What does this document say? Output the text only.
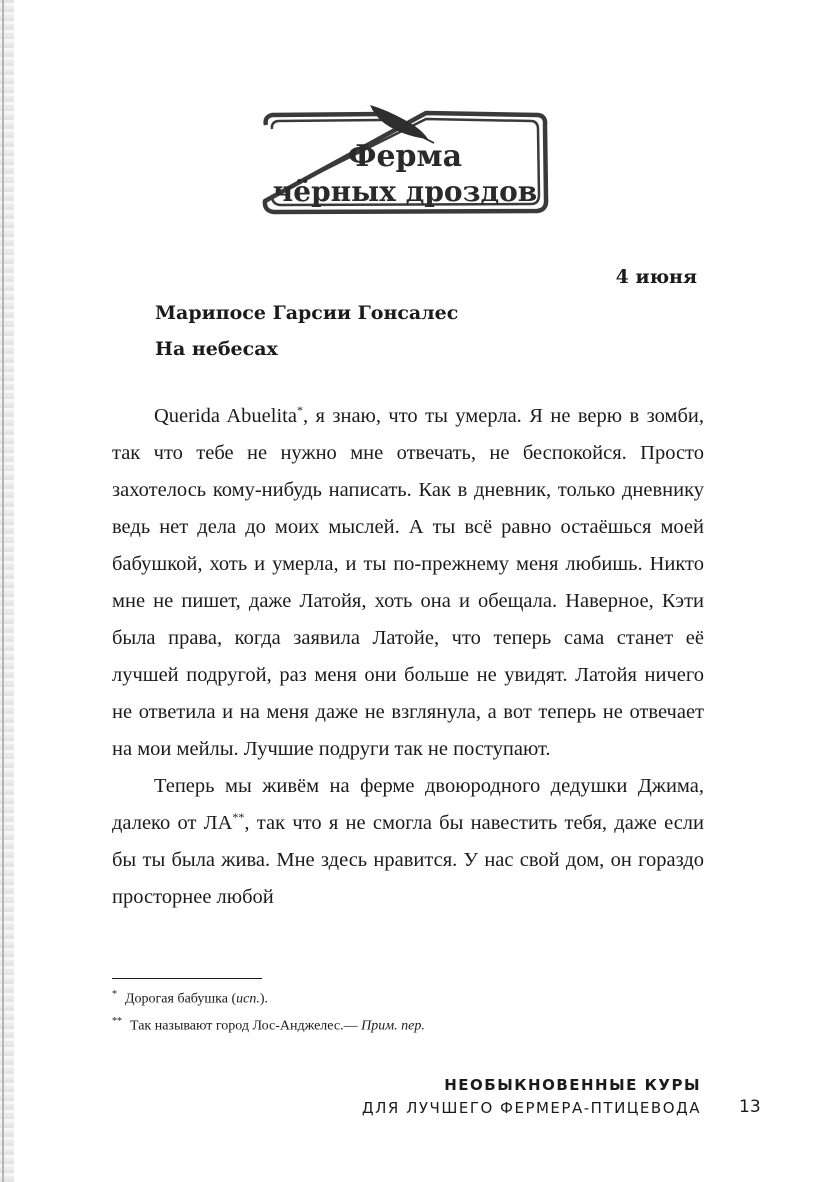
Ферма
чёрных дроздов
4 июня
Марипосе Гарсии Гонсалес
На небесах

Querida Abuelita*, я знаю, что ты умерла. Я не верю в зомби, так что тебе не нужно мне отвечать, не беспокойся. Просто захотелось кому-нибудь написать. Как в дневник, только дневнику ведь нет дела до моих мыслей. А ты всё равно остаёшься моей бабушкой, хоть и умерла, и ты по-прежнему меня любишь. Никто мне не пишет, даже Латойя, хоть она и обещала. Наверное, Кэти была права, когда заявила Латойе, что теперь сама станет её лучшей подругой, раз меня они больше не увидят. Латойя ничего не ответила и на меня даже не взглянула, а вот теперь не отвечает на мои мейлы. Лучшие подруги так не поступают.

Теперь мы живём на ферме двоюродного дедушки Джима, далеко от ЛА**, так что я не смогла бы навестить тебя, даже если бы ты была жива. Мне здесь нравится. У нас свой дом, он гораздо просторнее любой

* Дорогая бабушка (исп.).
** Так называют город Лос-Анджелес.— Прим. пер.
НЕОБЫКНОВЕННЫЕ КУРЫ
ДЛЯ ЛУЧШЕГО ФЕРМЕРА-ПТИЦЕВОДА 13
